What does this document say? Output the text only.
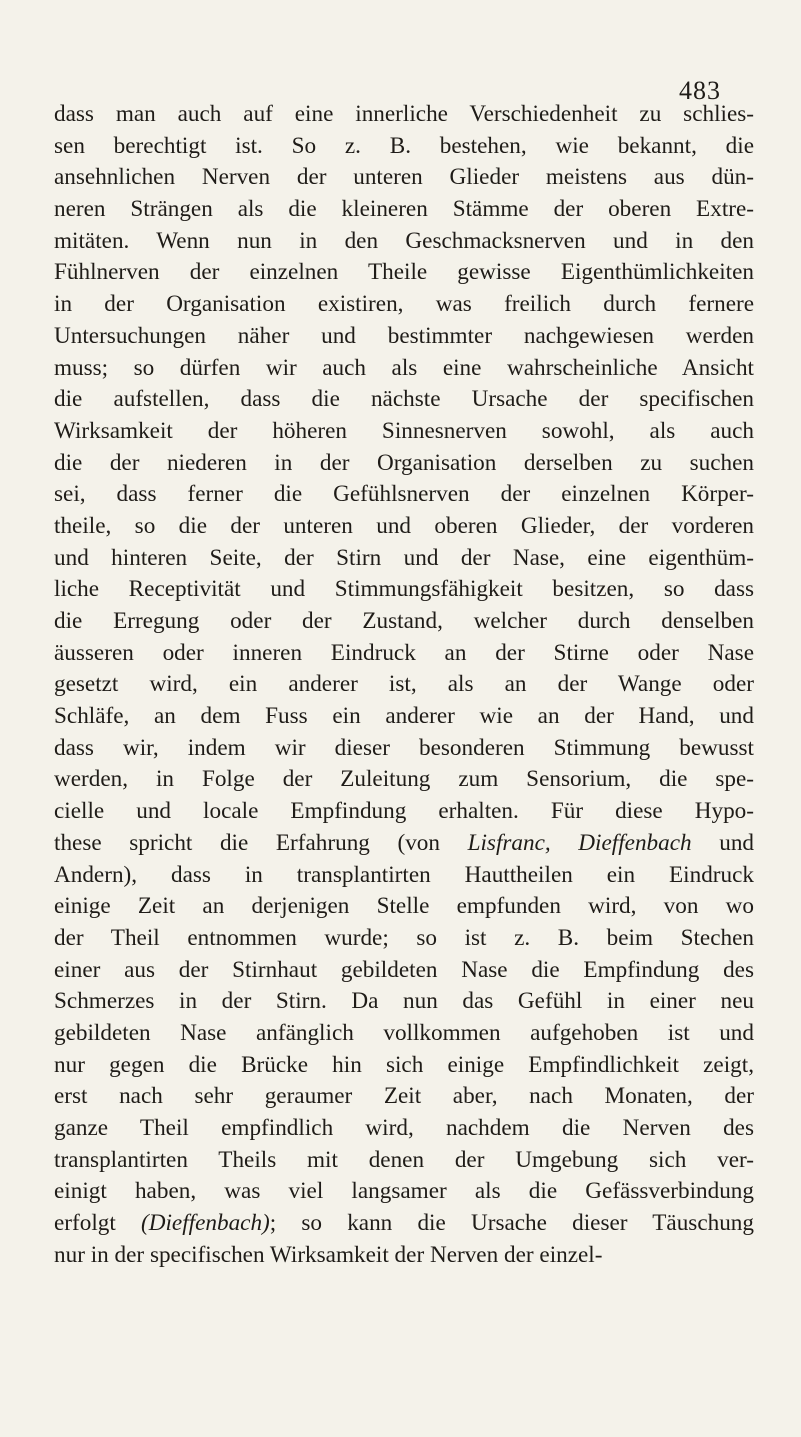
483
dass man auch auf eine innerliche Verschiedenheit zu schlies-
sen berechtigt ist. So z. B. bestehen, wie bekannt, die
ansehnlichen Nerven der unteren Glieder meistens aus dün-
neren Strängen als die kleineren Stämme der oberen Extre-
mitäten. Wenn nun in den Geschmacksnerven und in den
Fühlnerven der einzelnen Theile gewisse Eigenthümlichkeiten
in der Organisation existiren, was freilich durch fernere
Untersuchungen näher und bestimmter nachgewiesen werden
muss; so dürfen wir auch als eine wahrscheinliche Ansicht
die aufstellen, dass die nächste Ursache der specifischen
Wirksamkeit der höheren Sinnesnerven sowohl, als auch
die der niederen in der Organisation derselben zu suchen
sei, dass ferner die Gefühlsnerven der einzelnen Körper-
theile, so die der unteren und oberen Glieder, der vorderen
und hinteren Seite, der Stirn und der Nase, eine eigenthüm-
liche Receptivität und Stimmungsfähigkeit besitzen, so dass
die Erregung oder der Zustand, welcher durch denselben
äusseren oder inneren Eindruck an der Stirne oder Nase
gesetzt wird, ein anderer ist, als an der Wange oder
Schläfe, an dem Fuss ein anderer wie an der Hand, und
dass wir, indem wir dieser besonderen Stimmung bewusst
werden, in Folge der Zuleitung zum Sensorium, die spe-
cielle und locale Empfindung erhalten. Für diese Hypo-
these spricht die Erfahrung (von Lisfranc, Dieffenbach und
Andern), dass in transplantirten Hauttheilen ein Eindruck
einige Zeit an derjenigen Stelle empfunden wird, von wo
der Theil entnommen wurde; so ist z. B. beim Stechen
einer aus der Stirnhaut gebildeten Nase die Empfindung des
Schmerzes in der Stirn. Da nun das Gefühl in einer neu
gebildeten Nase anfänglich vollkommen aufgehoben ist und
nur gegen die Brücke hin sich einige Empfindlichkeit zeigt,
erst nach sehr geraumer Zeit aber, nach Monaten, der
ganze Theil empfindlich wird, nachdem die Nerven des
transplantirten Theils mit denen der Umgebung sich ver-
einigt haben, was viel langsamer als die Gefässverbindung
erfolgt (Dieffenbach); so kann die Ursache dieser Täuschung
nur in der specifischen Wirksamkeit der Nerven der einzel-
